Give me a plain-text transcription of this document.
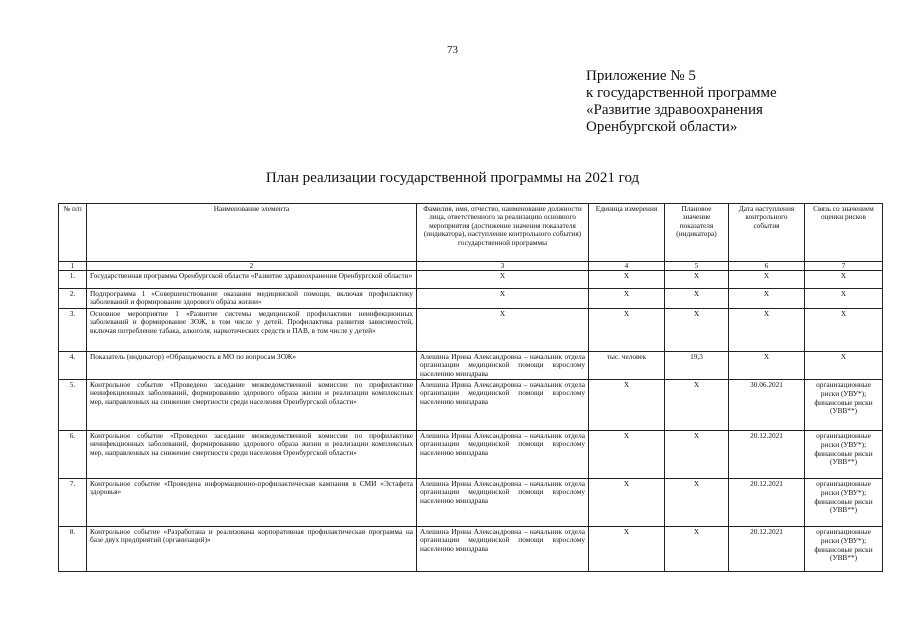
73
Приложение № 5
к государственной программе
«Развитие здравоохранения
Оренбургской области»
План реализации государственной программы на 2021 год
№ п/п	Наименование элемента	Фамилия, имя, отчество, наименование должности лица, ответственного за реализацию основного мероприятия (достижение значения показателя (индикатора), наступление контрольного события) государственной программы	Единица измерения	Плановое значение показателя (индикатора)	Дата наступления контрольного события	Связь со значением оценки рисков
1	2	3	4	5	6	7
1.	Государственная программа Оренбургской области «Развитие здравоохранения Оренбургской области»	X	X	X	X	X
2.	Подпрограмма 1 «Совершенствование оказания медицинской помощи, включая профилактику заболеваний и формирование здорового образа жизни»	X	X	X	X	X
3.	Основное мероприятие 1 «Развитие системы медицинской профилактики неинфекционных заболеваний и формирование ЗОЖ, в том числе у детей. Профилактика развития зависимостей, включая потребление табака, алкоголя, наркотических средств и ПАВ, в том числе у детей»	X	X	X	X	X
4.	Показатель (индикатор) «Обращаемость в МО по вопросам ЗОЖ»	Алешина Ирина Александровна – начальник отдела организации медицинской помощи взрослому населению минздрава	тыс. человек	19,3	X	X
5.	Контрольное событие «Проведено заседание межведомственной комиссии по профилактике неинфекционных заболеваний, формированию здорового образа жизни и реализации комплексных мер, направленных на снижение смертности среди населения Оренбургской области»	Алешина Ирина Александровна – начальник отдела организации медицинской помощи взрослому населению минздрава	X	X	30.06.2021	организационные риски (УВУ*); финансовые риски (УВВ**)
6.	Контрольное событие «Проведено заседание межведомственной комиссии по профилактике неинфекционных заболеваний, формированию здорового образа жизни и реализации комплексных мер, направленных на снижение смертности среди населения Оренбургской области»	Алешина Ирина Александровна – начальник отдела организации медицинской помощи взрослому населению минздрава	X	X	20.12.2021	организационные риски (УВУ*); финансовые риски (УВВ**)
7.	Контрольное событие «Проведена информационно-профилактическая кампания в СМИ «Эстафета здоровья»	Алешина Ирина Александровна – начальник отдела организации медицинской помощи взрослому населению минздрава	X	X	20.12.2021	организационные риски (УВУ*); финансовые риски (УВВ**)
8.	Контрольное событие «Разработана и реализована корпоративная профилактическая программа на базе двух предприятий (организаций)»	Алешина Ирина Александровна – начальник отдела организации медицинской помощи взрослому населению минздрава	X	X	20.12.2021	организационные риски (УВУ*); финансовые риски (УВВ**)
